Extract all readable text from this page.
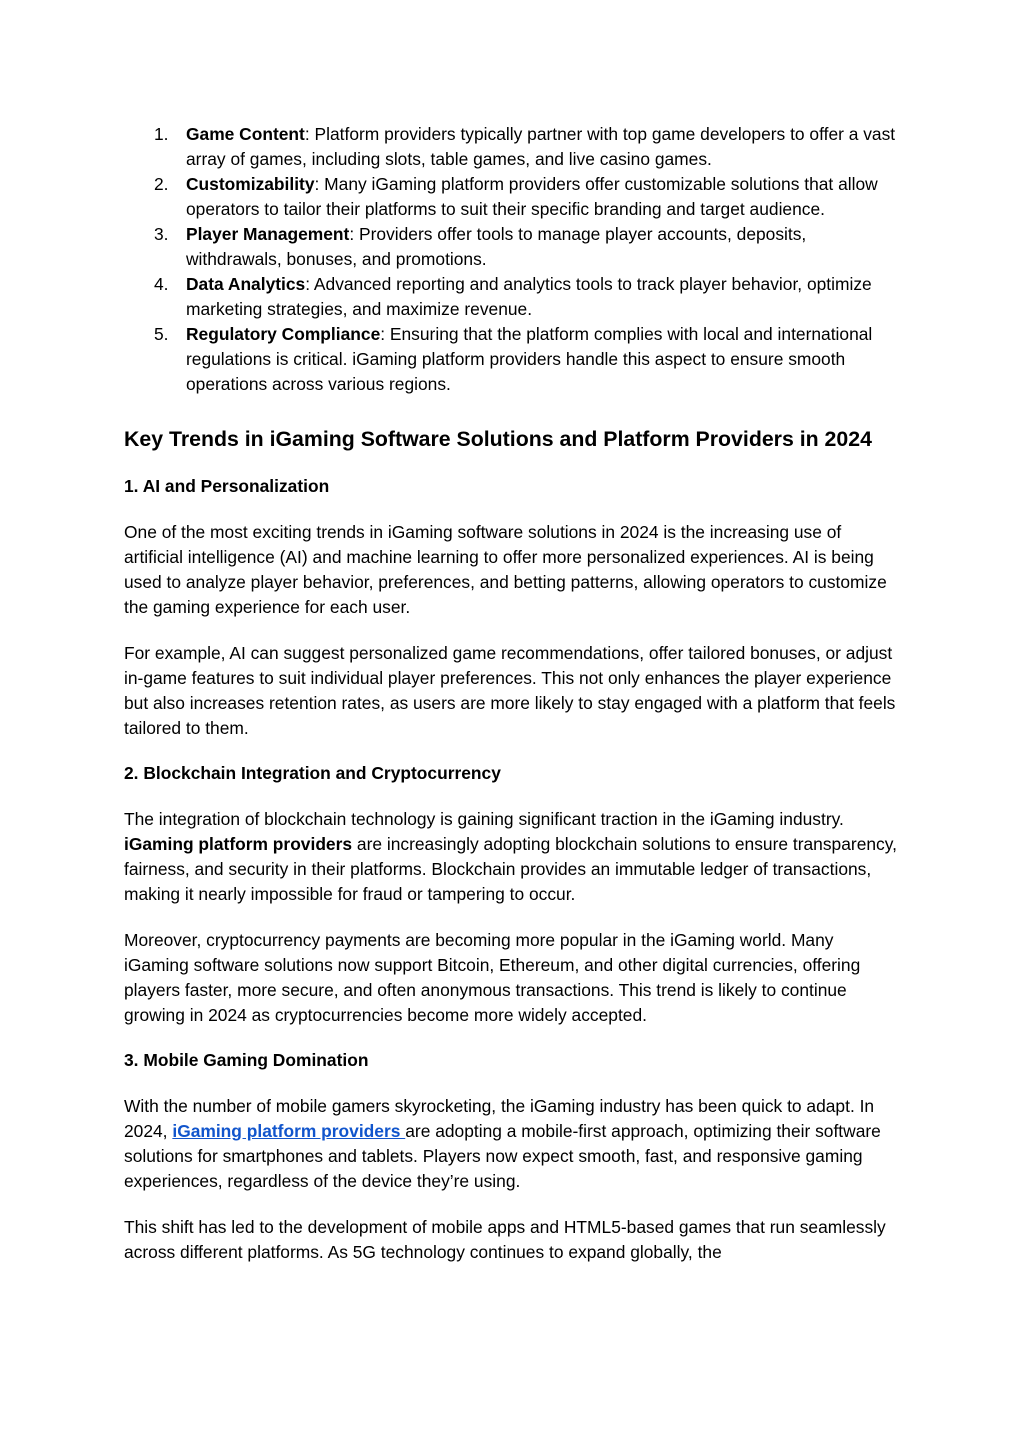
1. Game Content: Platform providers typically partner with top game developers to offer a vast array of games, including slots, table games, and live casino games.
2. Customizability: Many iGaming platform providers offer customizable solutions that allow operators to tailor their platforms to suit their specific branding and target audience.
3. Player Management: Providers offer tools to manage player accounts, deposits, withdrawals, bonuses, and promotions.
4. Data Analytics: Advanced reporting and analytics tools to track player behavior, optimize marketing strategies, and maximize revenue.
5. Regulatory Compliance: Ensuring that the platform complies with local and international regulations is critical. iGaming platform providers handle this aspect to ensure smooth operations across various regions.
Key Trends in iGaming Software Solutions and Platform Providers in 2024
1. AI and Personalization

One of the most exciting trends in iGaming software solutions in 2024 is the increasing use of artificial intelligence (AI) and machine learning to offer more personalized experiences. AI is being used to analyze player behavior, preferences, and betting patterns, allowing operators to customize the gaming experience for each user.

For example, AI can suggest personalized game recommendations, offer tailored bonuses, or adjust in-game features to suit individual player preferences. This not only enhances the player experience but also increases retention rates, as users are more likely to stay engaged with a platform that feels tailored to them.

2. Blockchain Integration and Cryptocurrency

The integration of blockchain technology is gaining significant traction in the iGaming industry. iGaming platform providers are increasingly adopting blockchain solutions to ensure transparency, fairness, and security in their platforms. Blockchain provides an immutable ledger of transactions, making it nearly impossible for fraud or tampering to occur.

Moreover, cryptocurrency payments are becoming more popular in the iGaming world. Many iGaming software solutions now support Bitcoin, Ethereum, and other digital currencies, offering players faster, more secure, and often anonymous transactions. This trend is likely to continue growing in 2024 as cryptocurrencies become more widely accepted.

3. Mobile Gaming Domination

With the number of mobile gamers skyrocketing, the iGaming industry has been quick to adapt. In 2024, iGaming platform providers are adopting a mobile-first approach, optimizing their software solutions for smartphones and tablets. Players now expect smooth, fast, and responsive gaming experiences, regardless of the device they’re using.

This shift has led to the development of mobile apps and HTML5-based games that run seamlessly across different platforms. As 5G technology continues to expand globally, the
